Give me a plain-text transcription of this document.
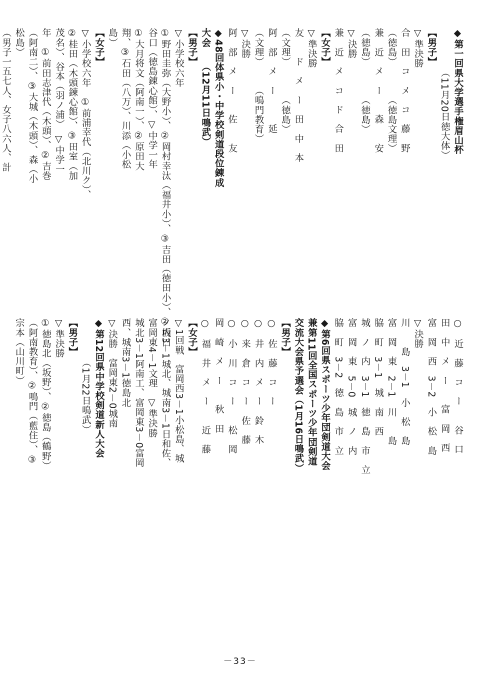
◆第一回県大学選手権眉山杯
（11月20日徳大体）
【男子】
▽準決勝
合　田　コ　メ　コ　藤　野
（徳島）　　　　（徳島文理）
兼　近　メ　ー　　森　　安
（徳島）　　　　（徳島）
▽決勝
兼　近　メ　コ　ド　合　田
【女子】
▽準決勝
友　　ド　メ　ー　田　中　本
（文理）　　　　（徳島）
阿　部　メ　ー　　　延
（文理）　　　（鳴門教育）
▽決勝
阿　部　メ　ー　　佐　　友
◆48回体県小・中学校剣道段位錬成
大会　　（12月11日鳴武）
【男子】
▽小学校六年
①野田圭弥（大野小）、②岡村幸汰（福井小）、③吉田（徳田小）、②坂口
谷口（徳島錬心館）、▽中学一年
①大月将文（阿南一）、②原田大
翔、③石田（八万）、川添（小松
島）
【女子】
▽小学校六年　①前浦幸代（北川ク）、
②桂田（木頭錬心館）、③田室（加
茂名）、谷本（羽ノ浦）　▽中学一
年　①前田志津代（木頭）、②吉巻
（阿南二）、③大城（木頭）、森（小
松島）
（男子一五七人、女子八六人、計
○　近　藤　コ　ー　　谷　口
田　中　メ　ー　　富　岡　西
富　岡　西　3－2　小　松　島
▽決勝
川　　島　3－1　小　松　島
富　岡　東　2－1　川　　島
脇　町　3－1　城　南　西
城　ノ　内　3－1　徳　島　市　立
富　岡　東　5－0　城　ノ　内
脇　町　3－2　徳　島　市　立
◆第6回県スポーツ少年団剣道大会
兼第11回全国スポーツ少年団剣道
交流大会県予選会（1月16日鳴武）
【男子】
○　佐　藤　コ　ー　　
○　井　内　メ　ー　鈴　木
○　来　倉　コ　ー　佐　藤
○　小　川　コ　ー　　松　岡
岡　崎　メ　ー　　秋　田
○　福　井　メ　ー　　近　藤
【女子】
▽1回戦　富岡西3－1小松島、城
ノ内3－1城北、城南3－1日和佐、
富岡東4－1文理　▽準決勝
城北3－1阿南工、富岡東3－0富岡
西、城南3－1徳島北
▽決勝　富岡東2－0城南
◆第12回県中学校剣道新人大会
（1月22日鳴武）
【男子】
▽準決勝
①徳島北（坂野）、②徳島（鶴野）
（阿南教育）、②鳴門（藍住）、③
宗本（山川町）
－33－
